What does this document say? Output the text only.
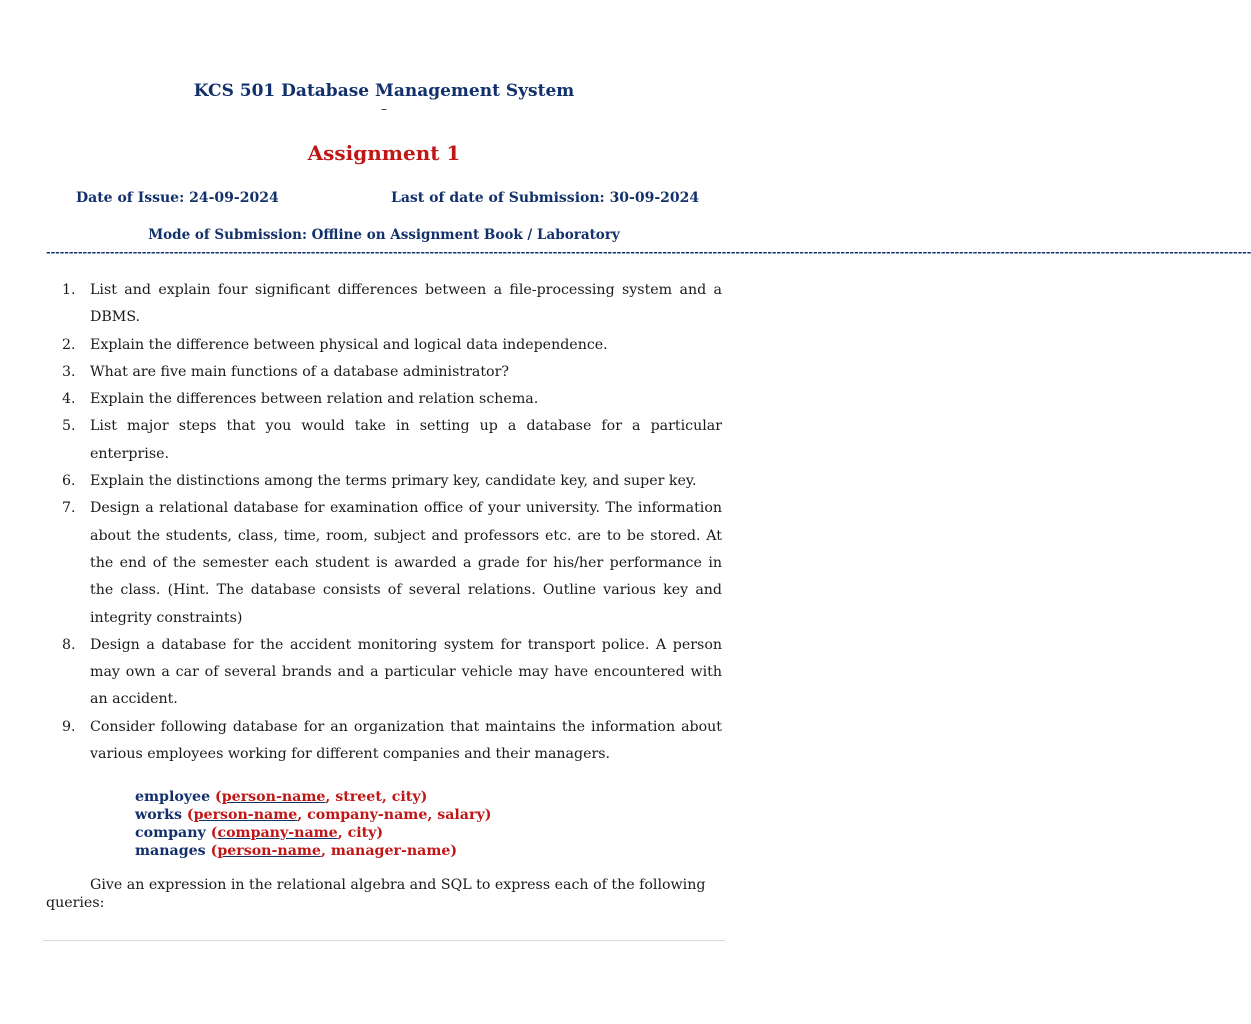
KCS 501 Database Management System
–
Assignment 1
Date of Issue: 24-09-2024	Last of date of Submission: 30-09-2024
Mode of Submission: Offline on Assignment Book / Laboratory
------------------------------------------------------------------------------------------------------------------------------------------------------------------------------------------------------------------------------------------------------------------------
1. List and explain four significant differences between a file-processing system and a DBMS.
2. Explain the difference between physical and logical data independence.
3. What are five main functions of a database administrator?
4. Explain the differences between relation and relation schema.
5. List major steps that you would take in setting up a database for a particular enterprise.
6. Explain the distinctions among the terms primary key, candidate key, and super key.
7. Design a relational database for examination office of your university. The information about the students, class, time, room, subject and professors etc. are to be stored. At the end of the semester each student is awarded a grade for his/her performance in the class. (Hint. The database consists of several relations. Outline various key and integrity constraints)
8. Design a database for the accident monitoring system for transport police. A person may own a car of several brands and a particular vehicle may have encountered with an accident.
9. Consider following database for an organization that maintains the information about various employees working for different companies and their managers.
employee (person-name, street, city)
works (person-name, company-name, salary)
company (company-name, city)
manages (person-name, manager-name)
Give an expression in the relational algebra and SQL to express each of the following queries:
